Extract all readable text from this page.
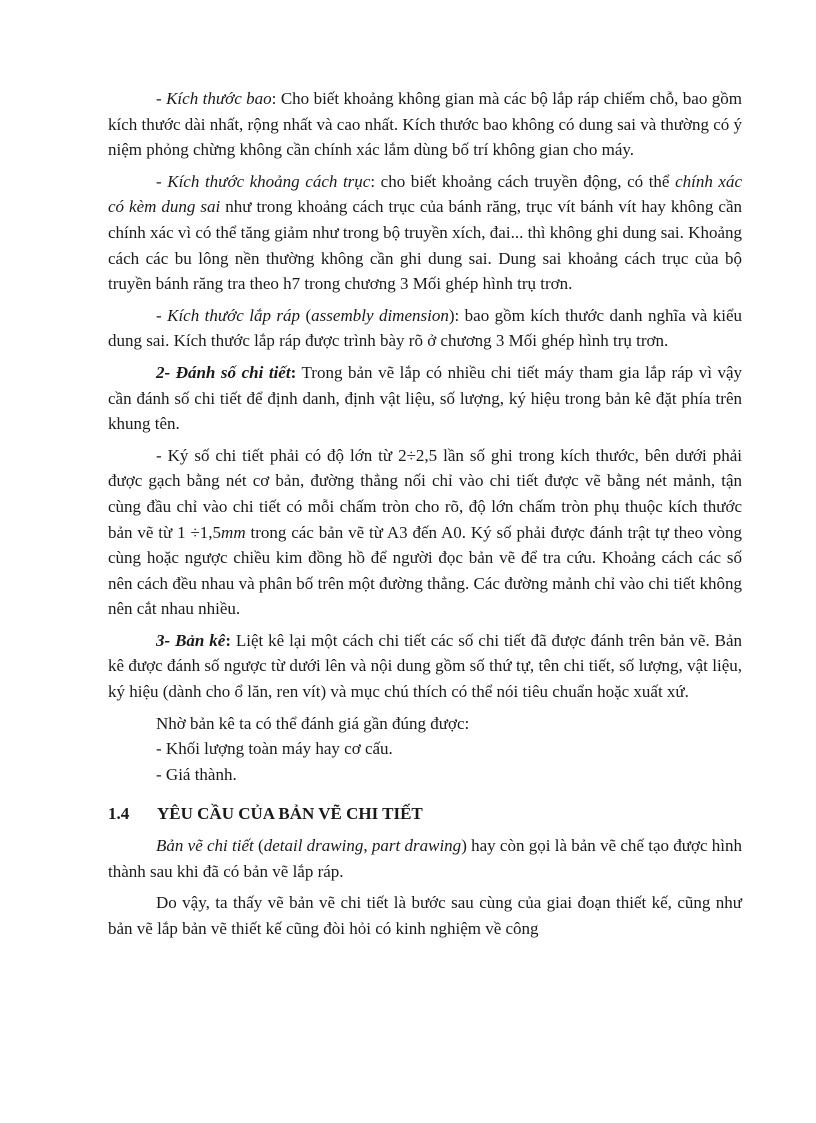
- Kích thước bao: Cho biết khoảng không gian mà các bộ lắp ráp chiếm chỗ, bao gồm kích thước dài nhất, rộng nhất và cao nhất. Kích thước bao không có dung sai và thường có ý niệm phỏng chừng không cần chính xác lắm dùng bố trí không gian cho máy.

- Kích thước khoảng cách trục: cho biết khoảng cách truyền động, có thể chính xác có kèm dung sai như trong khoảng cách trục của bánh răng, trục vít bánh vít hay không cần chính xác vì có thể tăng giảm như trong bộ truyền xích, đai... thì không ghi dung sai. Khoảng cách các bu lông nền thường không cần ghi dung sai. Dung sai khoảng cách trục của bộ truyền bánh răng tra theo h7 trong chương 3 Mối ghép hình trụ trơn.

- Kích thước lắp ráp (assembly dimension): bao gồm kích thước danh nghĩa và kiểu dung sai. Kích thước lắp ráp được trình bày rõ ở chương 3 Mối ghép hình trụ trơn.

2- Đánh số chi tiết: Trong bản vẽ lắp có nhiều chi tiết máy tham gia lắp ráp vì vậy cần đánh số chi tiết để định danh, định vật liệu, số lượng, ký hiệu trong bản kê đặt phía trên khung tên.

- Ký số chi tiết phải có độ lớn từ 2÷2,5 lần số ghi trong kích thước, bên dưới phải được gạch bằng nét cơ bản, đường thẳng nối chỉ vào chi tiết được vẽ bằng nét mảnh, tận cùng đầu chỉ vào chi tiết có mỗi chấm tròn cho rõ, độ lớn chấm tròn phụ thuộc kích thước bản vẽ từ 1 ÷1,5mm trong các bản vẽ từ A3 đến A0. Ký số phải được đánh trật tự theo vòng cùng hoặc ngược chiều kim đồng hồ để người đọc bản vẽ để tra cứu. Khoảng cách các số nên cách đều nhau và phân bố trên một đường thẳng. Các đường mảnh chỉ vào chi tiết không nên cắt nhau nhiều.

3- Bản kê: Liệt kê lại một cách chi tiết các số chi tiết đã được đánh trên bản vẽ. Bản kê được đánh số ngược từ dưới lên và nội dung gồm số thứ tự, tên chi tiết, số lượng, vật liệu, ký hiệu (dành cho ổ lăn, ren vít) và mục chú thích có thể nói tiêu chuẩn hoặc xuất xứ.

Nhờ bản kê ta có thể đánh giá gần đúng được:

- Khối lượng toàn máy hay cơ cấu.

- Giá thành.

1.4 YÊU CẦU CỦA BẢN VẼ CHI TIẾT

Bản vẽ chi tiết (detail drawing, part drawing) hay còn gọi là bản vẽ chế tạo được hình thành sau khi đã có bản vẽ lắp ráp.

Do vậy, ta thấy vẽ bản vẽ chi tiết là bước sau cùng của giai đoạn thiết kế, cũng như bản vẽ lắp bản vẽ thiết kế cũng đòi hỏi có kinh nghiệm về công
